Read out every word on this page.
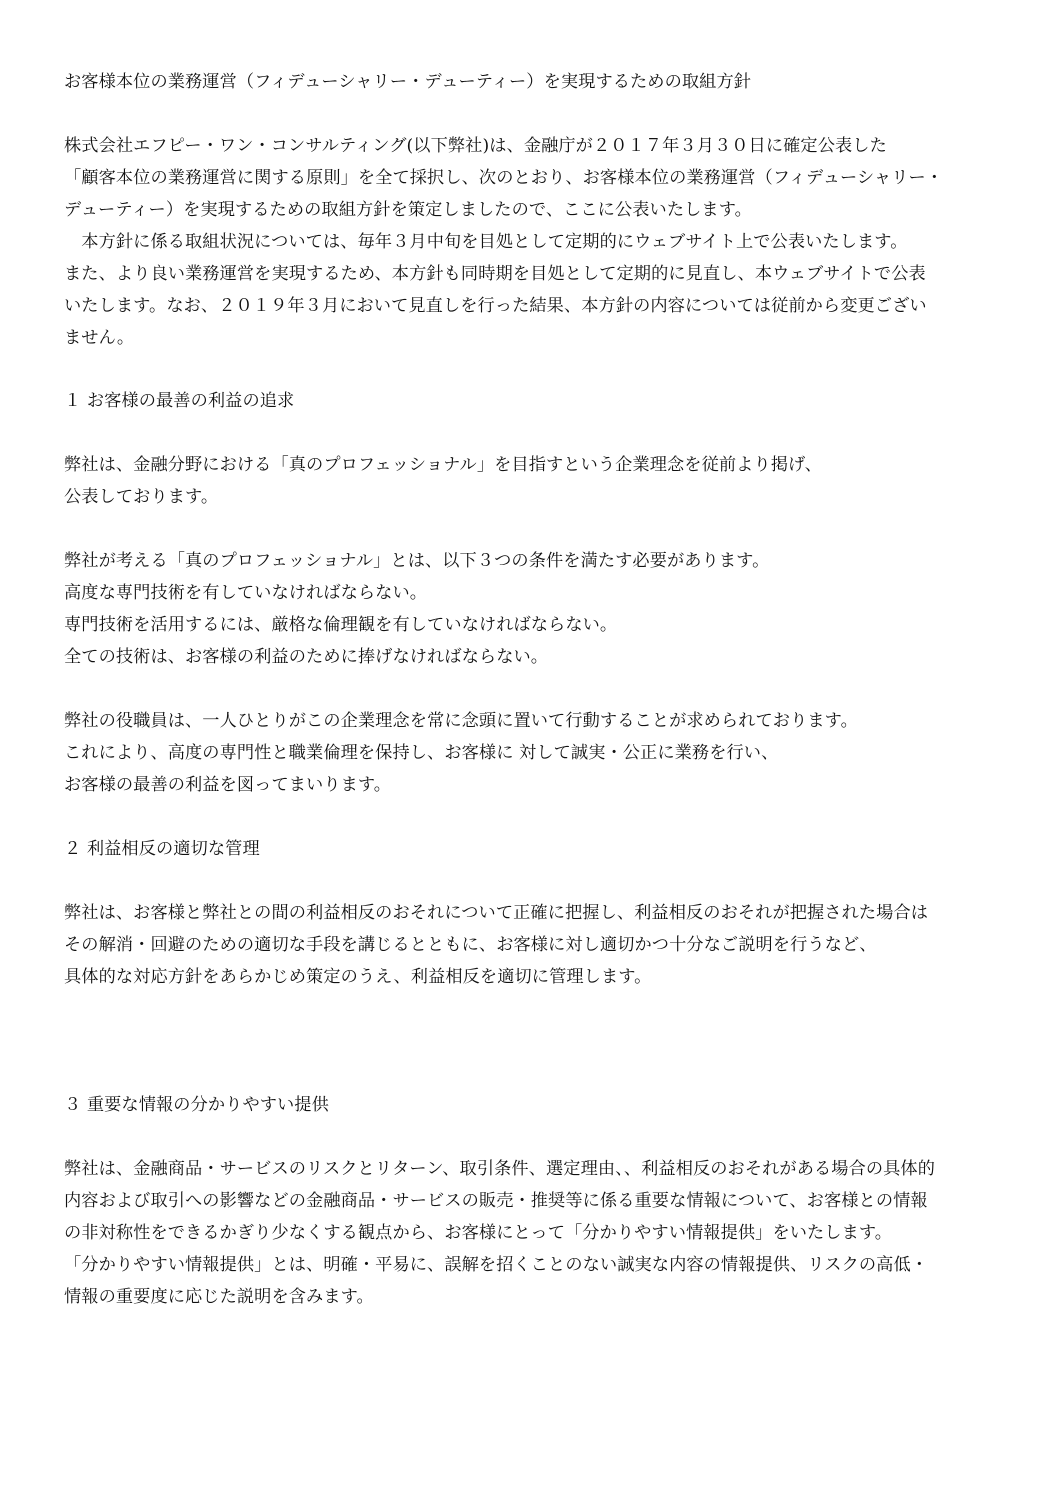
お客様本位の業務運営（フィデューシャリー・デューティー）を実現するための取組方針
株式会社エフピー・ワン・コンサルティング(以下弊社)は、金融庁が２０１７年３月３０日に確定公表した
「顧客本位の業務運営に関する原則」を全て採択し、次のとおり、お客様本位の業務運営（フィデューシャリー・
デューティー）を実現するための取組方針を策定しましたので、ここに公表いたします。
　本方針に係る取組状況については、毎年３月中旬を目処として定期的にウェブサイト上で公表いたします。
また、より良い業務運営を実現するため、本方針も同時期を目処として定期的に見直し、本ウェブサイトで公表
いたします。なお、２０１９年３月において見直しを行った結果、本方針の内容については従前から変更ござい
ません。
１ お客様の最善の利益の追求
弊社は、金融分野における「真のプロフェッショナル」を目指すという企業理念を従前より掲げ、
公表しております。
弊社が考える「真のプロフェッショナル」とは、以下３つの条件を満たす必要があります。
高度な専門技術を有していなければならない。
専門技術を活用するには、厳格な倫理観を有していなければならない。
全ての技術は、お客様の利益のために捧げなければならない。
弊社の役職員は、一人ひとりがこの企業理念を常に念頭に置いて行動することが求められております。
これにより、高度の専門性と職業倫理を保持し、お客様に 対して誠実・公正に業務を行い、
お客様の最善の利益を図ってまいります。
２ 利益相反の適切な管理
弊社は、お客様と弊社との間の利益相反のおそれについて正確に把握し、利益相反のおそれが把握された場合は
その解消・回避のための適切な手段を講じるとともに、お客様に対し適切かつ十分なご説明を行うなど、
具体的な対応方針をあらかじめ策定のうえ、利益相反を適切に管理します。
３ 重要な情報の分かりやすい提供
弊社は、金融商品・サービスのリスクとリターン、取引条件、選定理由、、利益相反のおそれがある場合の具体的
内容および取引への影響などの金融商品・サービスの販売・推奨等に係る重要な情報について、お客様との情報
の非対称性をできるかぎり少なくする観点から、お客様にとって「分かりやすい情報提供」をいたします。
「分かりやすい情報提供」とは、明確・平易に、誤解を招くことのない誠実な内容の情報提供、リスクの高低・
情報の重要度に応じた説明を含みます。
